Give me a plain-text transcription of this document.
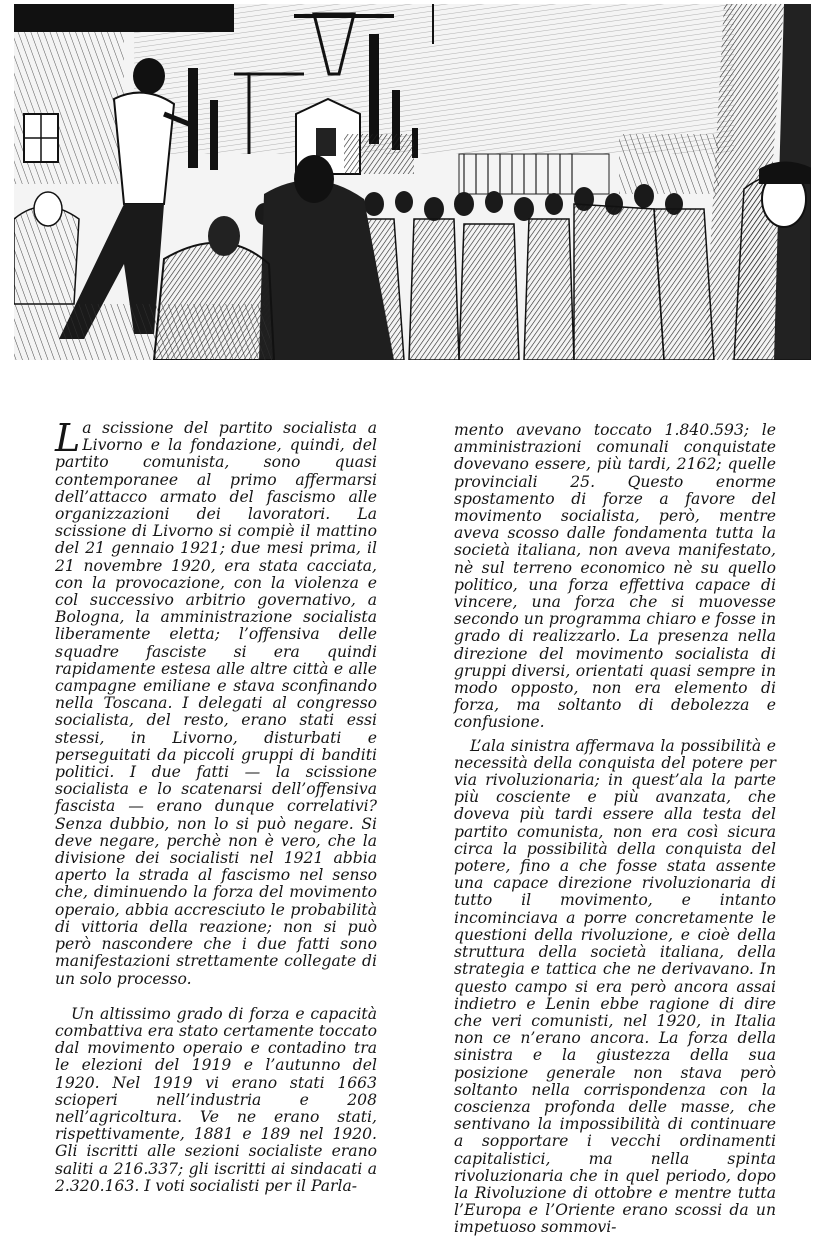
La scissione del partito socialista a Livorno e la fondazione, quindi, del partito comunista, sono quasi contemporanee al primo affermarsi dell’attacco armato del fascismo alle organizzazioni dei lavoratori. La scissione di Livorno si compiè il mattino del 21 gennaio 1921; due mesi prima, il 21 novembre 1920, era stata cacciata, con la provocazione, con la violenza e col successivo arbitrio governativo, a Bologna, la amministrazione socialista liberamente eletta; l’offensiva delle squadre fasciste si era quindi rapidamente estesa alle altre città e alle campagne emiliane e stava sconfinando nella Toscana. I delegati al congresso socialista, del resto, erano stati essi stessi, in Livorno, disturbati e perseguitati da piccoli gruppi di banditi politici. I due fatti — la scissione socialista e lo scatenarsi dell’offensiva fascista — erano dunque correlativi? Senza dubbio, non lo si può negare. Si deve negare, perchè non è vero, che la divisione dei socialisti nel 1921 abbia aperto la strada al fascismo nel senso che, diminuendo la forza del movimento operaio, abbia accresciuto le probabilità di vittoria della reazione; non si può però nascondere che i due fatti sono manifestazioni strettamente collegate di un solo processo.

Un altissimo grado di forza e capacità combattiva era stato certamente toccato dal movimento operaio e contadino tra le elezioni del 1919 e l’autunno del 1920. Nel 1919 vi erano stati 1663 scioperi nell’industria e 208 nell’agricoltura. Ve ne erano stati, rispettivamente, 1881 e 189 nel 1920. Gli iscritti alle sezioni socialiste erano saliti a 216.337; gli iscritti ai sindacati a 2.320.163. I voti socialisti per il Parla-

mento avevano toccato 1.840.593; le amministrazioni comunali conquistate dovevano essere, più tardi, 2162; quelle provinciali 25. Questo enorme spostamento di forze a favore del movimento socialista, però, mentre aveva scosso dalle fondamenta tutta la società italiana, non aveva manifestato, nè sul terreno economico nè su quello politico, una forza effettiva capace di vincere, una forza che si muovesse secondo un programma chiaro e fosse in grado di realizzarlo. La presenza nella direzione del movimento socialista di gruppi diversi, orientati quasi sempre in modo opposto, non era elemento di forza, ma soltanto di debolezza e confusione.

L’ala sinistra affermava la possibilità e necessità della conquista del potere per via rivoluzionaria; in quest’ala la parte più cosciente e più avanzata, che doveva più tardi essere alla testa del partito comunista, non era così sicura circa la possibilità della conquista del potere, fino a che fosse stata assente una capace direzione rivoluzionaria di tutto il movimento, e intanto incominciava a porre concretamente le questioni della rivoluzione, e cioè della struttura della società italiana, della strategia e tattica che ne derivavano. In questo campo si era però ancora assai indietro e Lenin ebbe ragione di dire che veri comunisti, nel 1920, in Italia non ce n’erano ancora. La forza della sinistra e la giustezza della sua posizione generale non stava però soltanto nella corrispondenza con la coscienza profonda delle masse, che sentivano la impossibilità di continuare a sopportare i vecchi ordinamenti capitalistici, ma nella spinta rivoluzionaria che in quel periodo, dopo la Rivoluzione di ottobre e mentre tutta l’Europa e l’Oriente erano scossi da un impetuoso sommovi-
